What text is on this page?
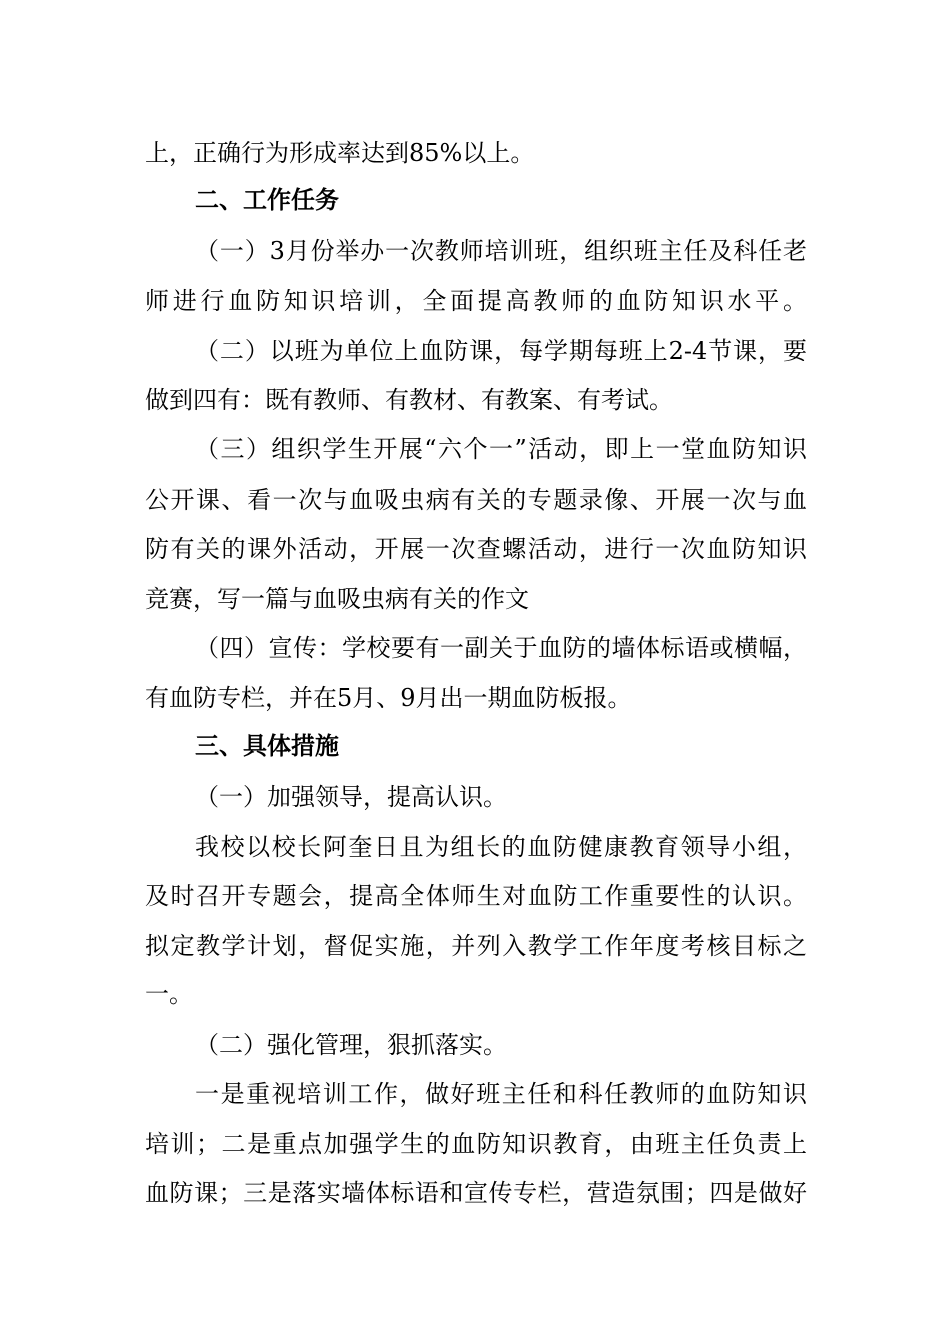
上，正确行为形成率达到85%以上。
二、工作任务
（一）3月份举办一次教师培训班，组织班主任及科任老
师进行血防知识培训，全面提高教师的血防知识水平。
（二）以班为单位上血防课，每学期每班上2-4节课，要
做到四有：既有教师、有教材、有教案、有考试。
（三）组织学生开展“六个一”活动，即上一堂血防知识
公开课、看一次与血吸虫病有关的专题录像、开展一次与血
防有关的课外活动，开展一次查螺活动，进行一次血防知识
竞赛，写一篇与血吸虫病有关的作文
（四）宣传：学校要有一副关于血防的墙体标语或横幅，
有血防专栏，并在5月、9月出一期血防板报。
三、具体措施
（一）加强领导，提高认识。
我校以校长阿奎日且为组长的血防健康教育领导小组，
及时召开专题会，提高全体师生对血防工作重要性的认识。
拟定教学计划，督促实施，并列入教学工作年度考核目标之
一。
（二）强化管理，狠抓落实。
一是重视培训工作，做好班主任和科任教师的血防知识
培训；二是重点加强学生的血防知识教育，由班主任负责上
血防课；三是落实墙体标语和宣传专栏，营造氛围；四是做好
